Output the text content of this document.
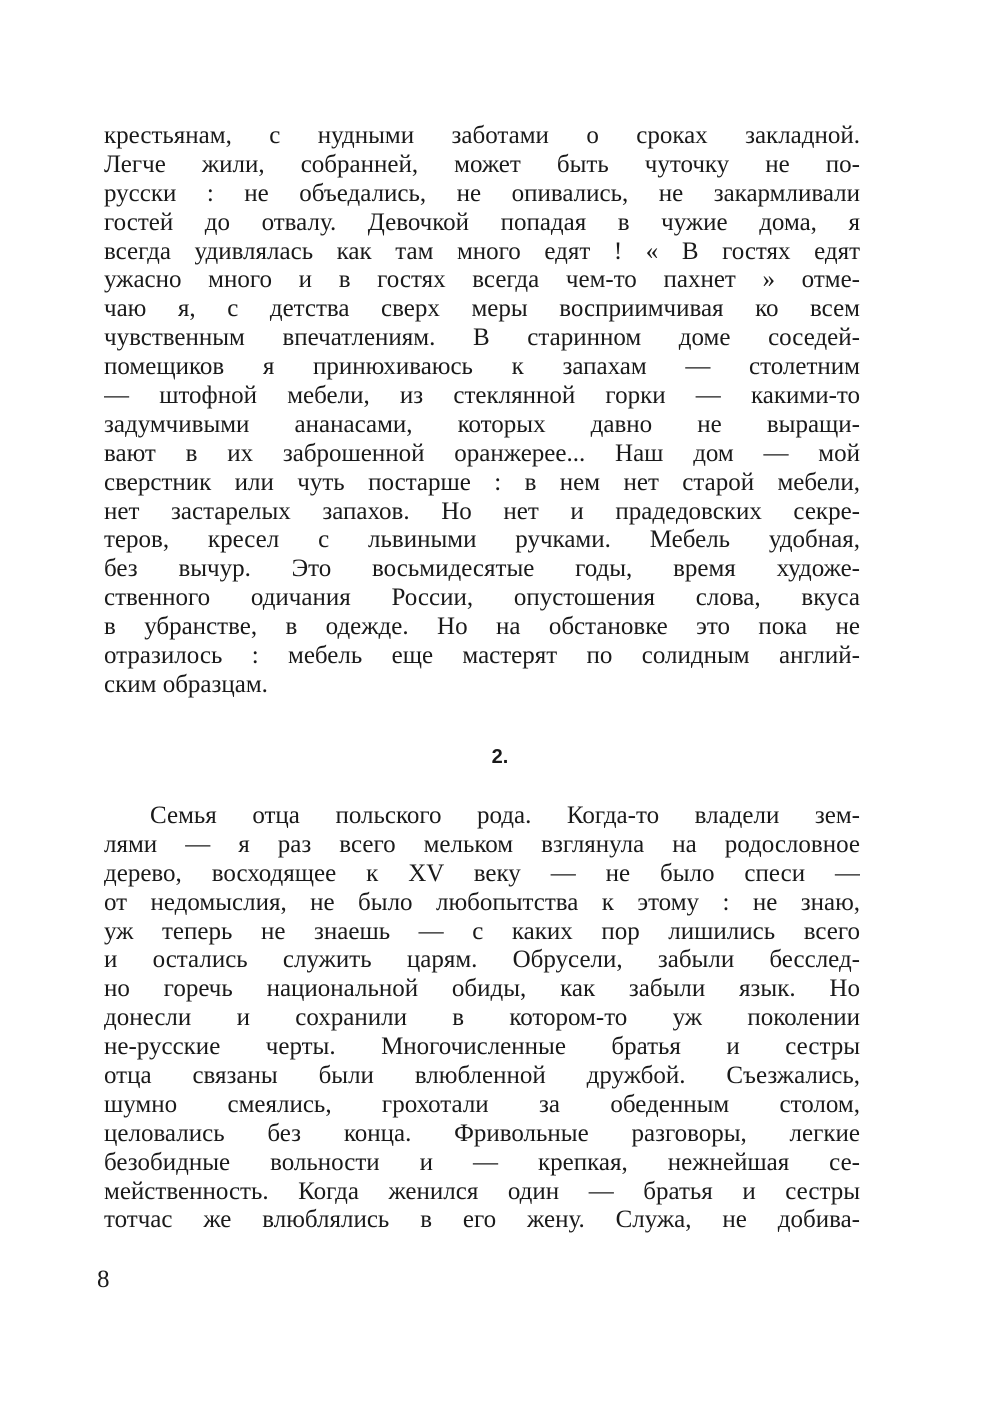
крестьянам, с нудными заботами о сроках закладной.
Легче жили, собранней, может быть чуточку не по-
русски : не объедались, не опивались, не закармливали
гостей до отвалу. Девочкой попадая в чужие дома, я
всегда удивлялась как там много едят ! « В гостях едят
ужасно много и в гостях всегда чем-то пахнет » отме-
чаю я, с детства сверх меры восприимчивая ко всем
чувственным впечатлениям. В старинном доме соседей-
помещиков я принюхиваюсь к запахам — столетним
— штофной мебели, из стеклянной горки — какими-то
задумчивыми ананасами, которых давно не выращи-
вают в их заброшенной оранжерее... Наш дом — мой
сверстник или чуть постарше : в нем нет старой мебели,
нет застарелых запахов. Но нет и прадедовских секре-
теров, кресел с львиными ручками. Мебель удобная,
без вычур. Это восьмидесятые годы, время художе-
ственного одичания России, опустошения слова, вкуса
в убранстве, в одежде. Но на обстановке это пока не
отразилось : мебель еще мастерят по солидным англий-
ским образцам.

2.

Семья отца польского рода. Когда-то владели зем-
лями — я раз всего мельком взглянула на родословное
дерево, восходящее к XV веку — не было спеси —
от недомыслия, не было любопытства к этому : не знаю,
уж теперь не знаешь — с каких пор лишились всего
и остались служить царям. Обрусели, забыли бесслед-
но горечь национальной обиды, как забыли язык. Но
донесли и сохранили в котором-то уж поколении
не-русские черты. Многочисленные братья и сестры
отца связаны были влюбленной дружбой. Съезжались,
шумно смеялись, грохотали за обеденным столом,
целовались без конца. Фривольные разговоры, легкие
безобидные вольности и — крепкая, нежнейшая се-
мейственность. Когда женился один — братья и сестры
тотчас же влюблялись в его жену. Служа, не добива-

8
